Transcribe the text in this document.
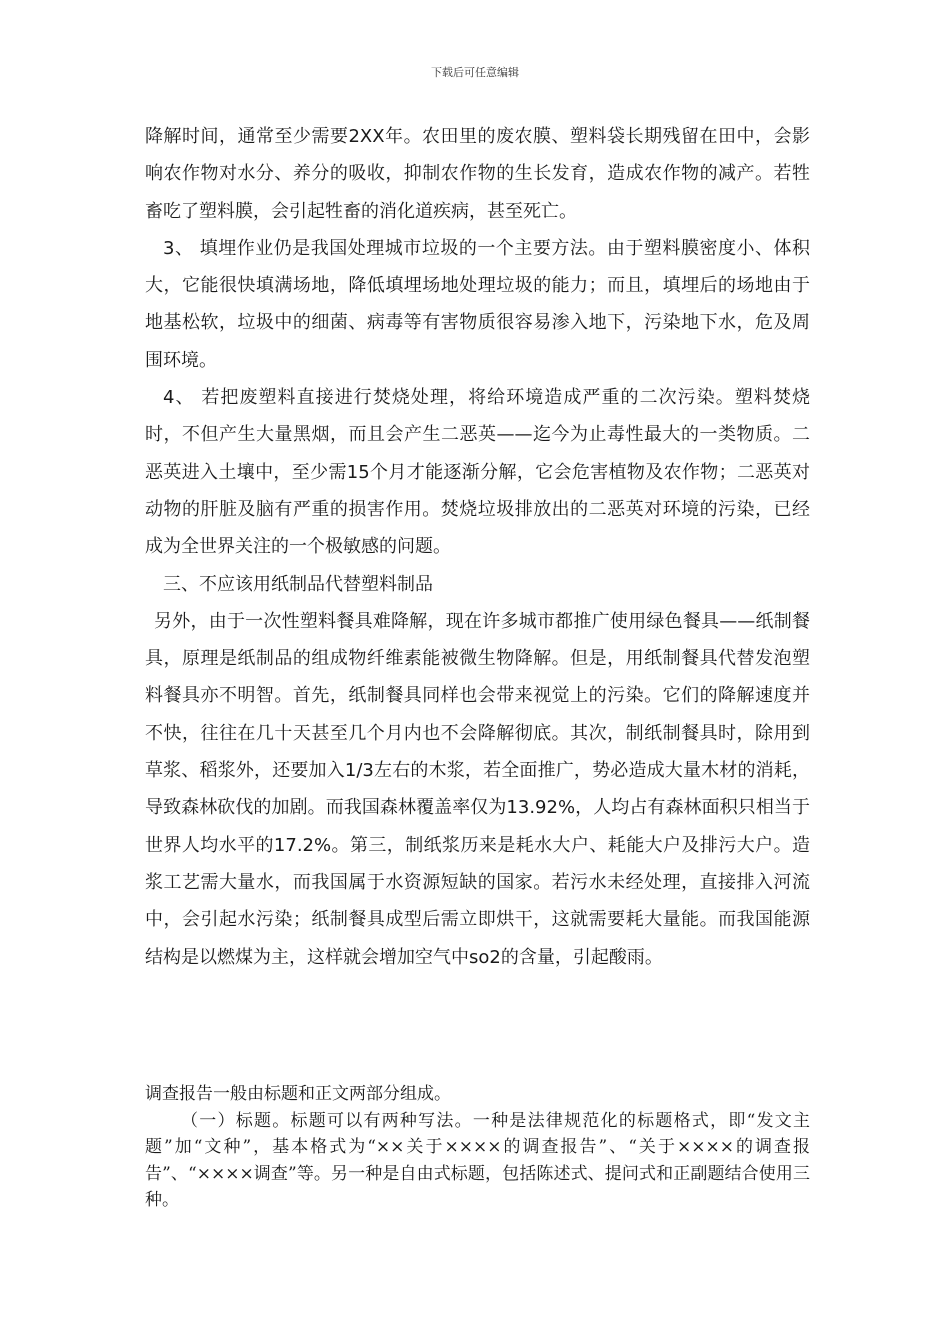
下载后可任意编辑

降解时间，通常至少需要2XX年。农田里的废农膜、塑料袋长期残留在田中，会影响农作物对水分、养分的吸收，抑制农作物的生长发育，造成农作物的减产。若牲畜吃了塑料膜，会引起牲畜的消化道疾病，甚至死亡。

3、 填埋作业仍是我国处理城市垃圾的一个主要方法。由于塑料膜密度小、体积大，它能很快填满场地，降低填埋场地处理垃圾的能力；而且，填埋后的场地由于地基松软，垃圾中的细菌、病毒等有害物质很容易渗入地下，污染地下水，危及周围环境。

4、 若把废塑料直接进行焚烧处理，将给环境造成严重的二次污染。塑料焚烧时，不但产生大量黑烟，而且会产生二恶英——迄今为止毒性最大的一类物质。二恶英进入土壤中，至少需15个月才能逐渐分解，它会危害植物及农作物；二恶英对动物的肝脏及脑有严重的损害作用。焚烧垃圾排放出的二恶英对环境的污染，已经成为全世界关注的一个极敏感的问题。

三、不应该用纸制品代替塑料制品

另外，由于一次性塑料餐具难降解，现在许多城市都推广使用绿色餐具——纸制餐具，原理是纸制品的组成物纤维素能被微生物降解。但是，用纸制餐具代替发泡塑料餐具亦不明智。首先，纸制餐具同样也会带来视觉上的污染。它们的降解速度并不快，往往在几十天甚至几个月内也不会降解彻底。其次，制纸制餐具时，除用到草浆、稻浆外，还要加入1/3左右的木浆，若全面推广，势必造成大量木材的消耗，导致森林砍伐的加剧。而我国森林覆盖率仅为13.92%，人均占有森林面积只相当于世界人均水平的17.2%。第三，制纸浆历来是耗水大户、耗能大户及排污大户。造浆工艺需大量水，而我国属于水资源短缺的国家。若污水未经处理，直接排入河流中，会引起水污染；纸制餐具成型后需立即烘干，这就需要耗大量能。而我国能源结构是以燃煤为主，这样就会增加空气中so2的含量，引起酸雨。

调查报告一般由标题和正文两部分组成。

（一）标题。标题可以有两种写法。一种是法律规范化的标题格式，即“发文主题”加“文种”，基本格式为“××关于××××的调查报告”、“关于××××的调查报告”、“××××调查”等。另一种是自由式标题，包括陈述式、提问式和正副题结合使用三种。
